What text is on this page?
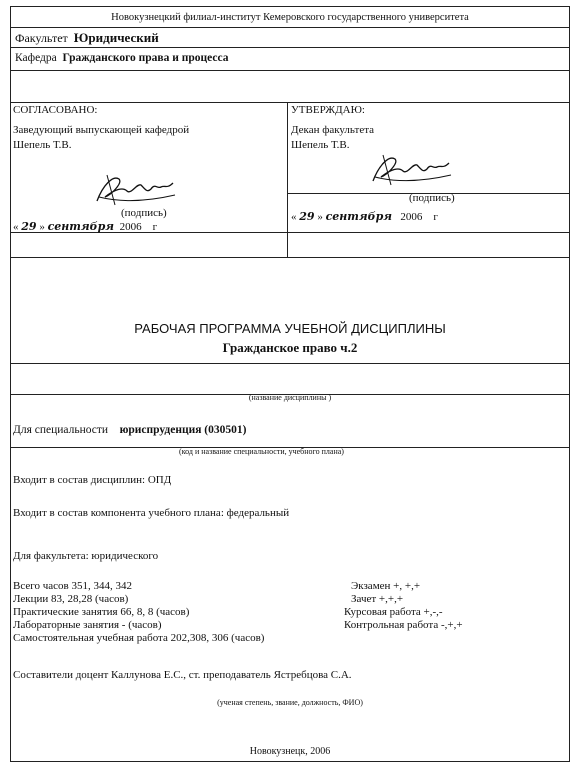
Новокузнецкий филиал-институт Кемеровского государственного университета
Факультет Юридический
Кафедра Гражданского права и процесса
СОГЛАСОВАНО:
Заведующий выпускающей кафедрой
Шепель Т.В.
(подпись)
« 29 » сентября 2006 г
УТВЕРЖДАЮ:
Декан факультета
Шепель Т.В.
(подпись)
« 29 » сентября 2006 г
РАБОЧАЯ ПРОГРАММА УЧЕБНОЙ ДИСЦИПЛИНЫ
Гражданское право ч.2
(название дисциплины )
Для специальности юриспруденция (030501)
(код и название специальности, учебного плана)
Входит в состав дисциплин: ОПД
Входит в состав компонента учебного плана: федеральный
Для факультета: юридического
Всего часов 351, 344, 342
Лекции 83, 28,28 (часов)
Практические занятия 66, 8, 8 (часов)
Лабораторные занятия - (часов)
Самостоятельная учебная работа 202,308, 306 (часов)
Экзамен +, +,+
Зачет +,+,+
Курсовая работа +,-,-
Контрольная работа -,+,+
Составители доцент Каллунова Е.С., ст. преподаватель Ястребцова С.А.
(ученая степень, звание, должность, ФИО)
Новокузнецк, 2006
